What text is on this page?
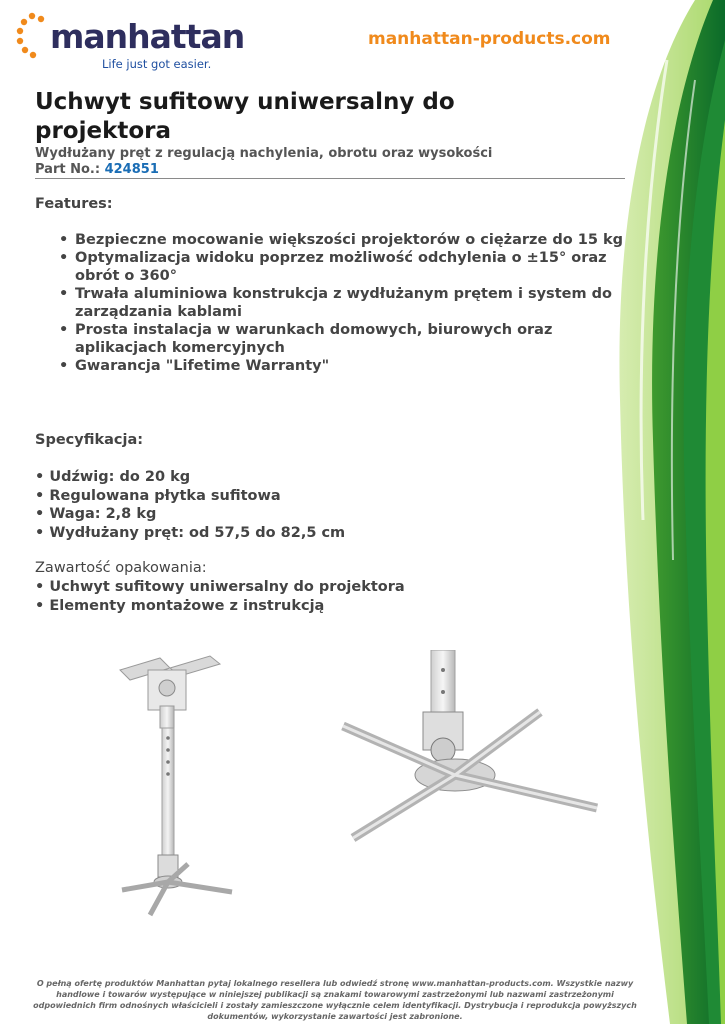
manhattan
Life just got easier.
manhattan-products.com
Uchwyt sufitowy uniwersalny do projektora
Wydłużany pręt z regulacją nachylenia, obrotu oraz wysokości
Part No.: 424851
Features:
• Bezpieczne mocowanie większości projektorów o ciężarze do 15 kg
• Optymalizacja widoku poprzez możliwość odchylenia o ±15° oraz obrót o 360°
• Trwała aluminiowa konstrukcja z wydłużanym prętem i system do zarządzania kablami
• Prosta instalacja w warunkach domowych, biurowych oraz aplikacjach komercyjnych
• Gwarancja "Lifetime Warranty"
Specyfikacja:
• Udźwig: do 20 kg
• Regulowana płytka sufitowa
• Waga: 2,8 kg
• Wydłużany pręt: od 57,5 do 82,5 cm
Zawartość opakowania:
• Uchwyt sufitowy uniwersalny do projektora
• Elementy montażowe z instrukcją

O pełną ofertę produktów Manhattan pytaj lokalnego resellera lub odwiedź stronę www.manhattan-products.com. Wszystkie nazwy handlowe i towarów występujące w niniejszej publikacji są znakami towarowymi zastrzeżonymi lub nazwami zastrzeżonymi odpowiednich firm odnośnych właścicieli i zostały zamieszczone wyłącznie celem identyfikacji. Dystrybucja i reprodukcja powyższych dokumentów, wykorzystanie zawartości jest zabronione.
